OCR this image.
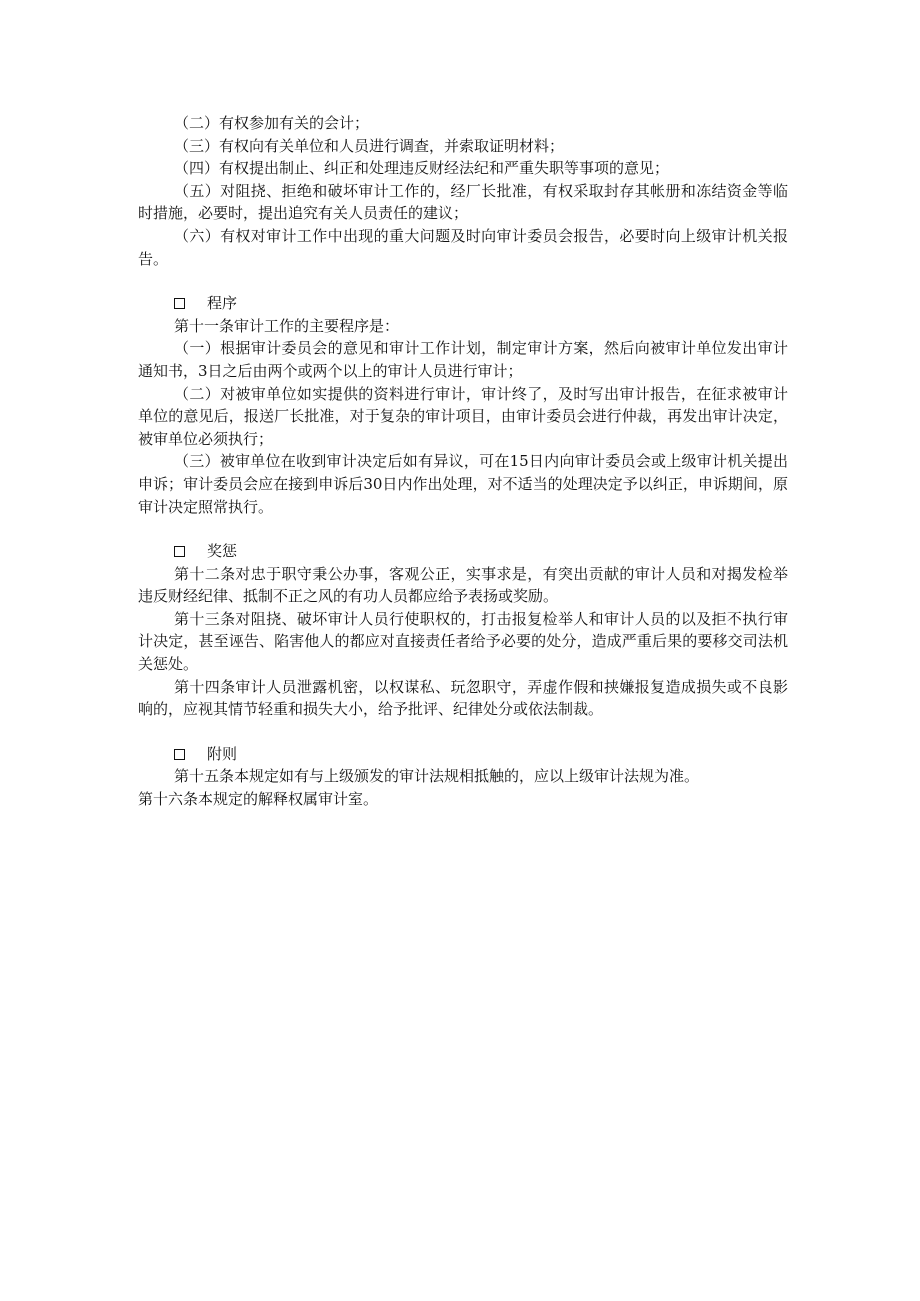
（二）有权参加有关的会计；

（三）有权向有关单位和人员进行调查，并索取证明材料；

（四）有权提出制止、纠正和处理违反财经法纪和严重失职等事项的意见；

（五）对阻挠、拒绝和破坏审计工作的，经厂长批准，有权采取封存其帐册和冻结资金等临时措施，必要时，提出追究有关人员责任的建议；

（六）有权对审计工作中出现的重大问题及时向审计委员会报告，必要时向上级审计机关报告。

程序

第十一条审计工作的主要程序是：

（一）根据审计委员会的意见和审计工作计划，制定审计方案，然后向被审计单位发出审计通知书，3日之后由两个或两个以上的审计人员进行审计；

（二）对被审单位如实提供的资料进行审计，审计终了，及时写出审计报告，在征求被审计单位的意见后，报送厂长批准，对于复杂的审计项目，由审计委员会进行仲裁，再发出审计决定，被审单位必须执行；

（三）被审单位在收到审计决定后如有异议，可在15日内向审计委员会或上级审计机关提出申诉；审计委员会应在接到申诉后30日内作出处理，对不适当的处理决定予以纠正，申诉期间，原审计决定照常执行。

奖惩

第十二条对忠于职守秉公办事，客观公正，实事求是，有突出贡献的审计人员和对揭发检举违反财经纪律、抵制不正之风的有功人员都应给予表扬或奖励。

第十三条对阻挠、破坏审计人员行使职权的，打击报复检举人和审计人员的以及拒不执行审计决定，甚至诬告、陷害他人的都应对直接责任者给予必要的处分，造成严重后果的要移交司法机关惩处。

第十四条审计人员泄露机密，以权谋私、玩忽职守，弄虚作假和挟嫌报复造成损失或不良影响的，应视其情节轻重和损失大小，给予批评、纪律处分或依法制裁。

附则

第十五条本规定如有与上级颁发的审计法规相抵触的，应以上级审计法规为准。

第十六条本规定的解释权属审计室。
